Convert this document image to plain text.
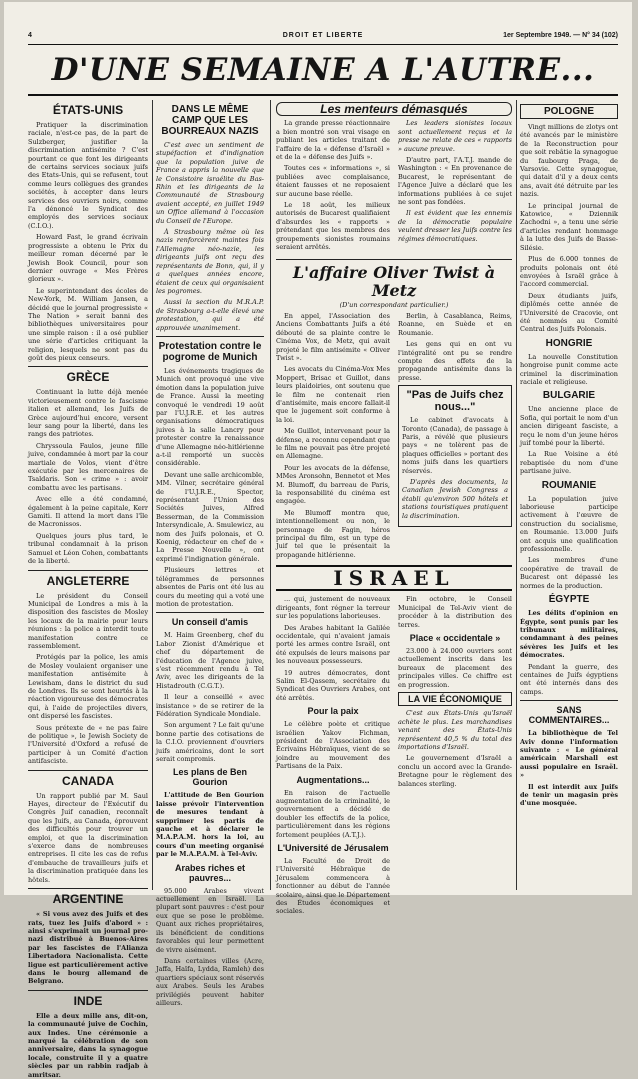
4	DROIT ET LIBERTE	1er Septembre 1949. — N° 34 (102)
D'UNE SEMAINE A L'AUTRE...
ÉTATS-UNIS

Pratiquer la discrimination raciale, n'est-ce pas, de la part de Sulzberger, justifier la discrimination antisémite ? C'est pourtant ce que font les dirigeants de certains services sociaux juifs des Etats-Unis, qui se refusent, tout comme leurs collègues des grandes sociétés, à accepter dans leurs services des ouvriers noirs, comme l'a dénoncé le Syndicat des employés des services sociaux (C.I.O.).

Howard Fast, le grand écrivain progressiste a obtenu le Prix du meilleur roman décerné par le Jewish Book Council, pour son dernier ouvrage « Mes Frères glorieux ».

Le superintendant des écoles de New-York, M. William Jansen, a décidé que le journal progressiste « The Nation » serait banni des bibliothèques universitaires pour une simple raison : il a osé publier une série d'articles critiquant la religion, lesquels ne sont pas du goût des pieux censeurs.

GRÈCE

Continuant la lutte déjà menée victorieusement contre le fascisme italien et allemand, les Juifs de Grèce aujourd'hui encore, versent leur sang pour la liberté, dans les rangs des patriotes.

Chryssoula Faulos, jeune fille juive, condamnée à mort par la cour martiale de Volos, vient d'être exécutée par les mercenaires de Tsaldaris. Son « crime » : avoir combattu avec les partisans.

Avec elle a été condamné, également à la peine capitale, Kerr Gamiti. Il attend la mort dans l'île de Macronissos.

Quelques jours plus tard, le tribunal condamnait à la prison Samuel et Léon Cohen, combattants de la liberté.

ANGLETERRE

Le président du Conseil Municipal de Londres a mis à la disposition des fascistes de Mosley les locaux de la mairie pour leurs réunions : la police a interdit toute manifestation contre ce rassemblement.

Protégés par la police, les amis de Mosley voulaient organiser une manifestation antisémite à Lewisham, dans le district du sud de Londres. Ils se sont heurtés à la réaction vigoureuse des démocrates qui, à l'aide de projectiles divers, ont dispersé les fascistes.

Sous prétexte de « ne pas faire de politique », le Jewish Society de l'Université d'Oxford a refusé de participer à un Comité d'action antifasciste.

CANADA

Un rapport publié par M. Saul Hayes, directeur de l'Exécutif du Congrès Juif canadien, reconnaît que les Juifs, au Canada, éprouvent des difficultés pour trouver un emploi, et que la discrimination s'exerce dans de nombreuses entreprises. Il cite les cas de refus d'embauche de travailleurs juifs et la discrimination pratiquée dans les hôtels.

ARGENTINE

« Si vous avez des Juifs et des rats, tuez les Juifs d'abord » : ainsi s'exprimait un journal pro-nazi distribué à Buenos-Aires par les fascistes de l'Alianza Libertadora Nacionalista. Cette ligue est particulièrement active dans le bourg allemand de Belgrano.

INDE

Elle a deux mille ans, dit-on, la communauté juive de Cochin, aux Indes. Une cérémonie a marqué la célébration de son anniversaire, dans la synagogue locale, construite il y a quatre siècles par un rabbin radjab à amritsar.

DANS LE MÊME CAMP QUE LES BOURREAUX NAZIS

C'est avec un sentiment de stupéfaction et d'indignation que la population juive de France a appris la nouvelle que le Consistoire israélite du Bas-Rhin et les dirigeants de la Communauté de Strasbourg avaient accepté, en juillet 1949 un Office allemand à l'occasion du Conseil de l'Europe.

À Strasbourg même où les nazis renforcèrent maintes fois l'Allemagne néo-nazie, les dirigeants juifs ont reçu des représentants de Bonn, qui, il y a quelques années encore, étaient de ceux qui organisaient les pogromes.

Aussi la section du M.R.A.P. de Strasbourg a-t-elle élevé une protestation, qui a été approuvée unanimement.

Protestation contre le pogrome de Munich

Les événements tragiques de Munich ont provoqué une vive émotion dans la population juive de France. Aussi la meeting convoqué le vendredi 19 août par l'U.J.R.E. et les autres organisations démocratiques juives à la salle Lancry pour protester contre la renaissance d'une Allemagne néo-hitlérienne a-t-il remporté un succès considérable.

Devant une salle archicomble, MM. Vilner, secrétaire général de l'U.J.R.E., Spector, représentant l'Union des Sociétés Juives, Alfred Besserman, de la Commission Intersyndicale, A. Smulewicz, au nom des Juifs polonais, et O. Koenig, rédacteur en chef de « La Presse Nouvelle », ont exprimé l'indignation générale.

Plusieurs lettres et télégrammes de personnes absentes de Paris ont été lus au cours du meeting qui a voté une motion de protestation.

Un conseil d'amis

M. Haim Greenberg, chef du Labor Zionist d'Amérique et chef du département de l'éducation de l'Agence juive, s'est récemment rendu à Tel Aviv, avec les dirigeants de la Histadrouth (C.G.T.).

Il leur a conseillé « avec insistance » de se retirer de la Fédération Syndicale Mondiale.

Son argument ? Le fait qu'une bonne partie des cotisations de la C.I.O. proviennent d'ouvriers juifs américains, dont le sort serait compromis.

Les plans de Ben Gourion

L'attitude de Ben Gourion laisse prévoir l'intervention de mesures tendant à supprimer les partis de gauche et à déclarer le M.A.P.A.M. hors la loi, au cours d'un meeting organisé par le M.A.P.A.M. à Tel-Aviv.

Arabes riches et pauvres...

95.000 Arabes vivent actuellement en Israël. La plupart sont pauvres : c'est pour eux que se pose le problème. Quant aux riches propriétaires, ils bénéficient de conditions favorables qui leur permettent de vivre aisément.

Dans certaines villes (Acre, Jaffa, Haïfa, Lydda, Ramleh) des quartiers spéciaux sont réservés aux Arabes. Seuls les Arabes privilégiés peuvent habiter ailleurs.

Les menteurs démasqués

La grande presse réactionnaire a bien montré son vrai visage en publiant les articles traitant de l'affaire de la « défense d'Israël » et de la « défense des Juifs ».

Toutes ces « informations », si publiées avec complaisance, étaient fausses et ne reposaient sur aucune base réelle.

Le 18 août, les milieux autorisés de Bucarest qualifiaient d'absurdes les « rapports » prétendant que les membres des groupements sionistes roumains seraient arrêtés.

Les leaders sionistes locaux sont actuellement reçus et la presse ne relate de ces « rapports » aucune preuve.

D'autre part, l'A.T.J. mande de Washington : « En provenance de Bucarest, le représentant de l'Agence Juive a déclaré que les informations publiées à ce sujet ne sont pas fondées.

Il est évident que les ennemis de la démocratie populaire veulent dresser les Juifs contre les régimes démocratiques.

L'affaire Oliver Twist à Metz
(D'un correspondant particulier.)

En appel, l'Association des Anciens Combattants Juifs a été débouté de sa plainte contre le Cinéma Vox, de Metz, qui avait projeté le film antisémite « Oliver Twist ».

Les avocats du Cinéma-Vox Mes Moppert, Brisac et Guillot, dans leurs plaidoiries, ont soutenu que le film ne contenait rien d'antisémite, mais encore fallait-il que le jugement soit conforme à la loi.

Me Guillot, intervenant pour la défense, a reconnu cependant que le film ne pouvait pas être projeté en Allemagne.

Pour les avocats de la défense, MMes Aronsohn, Bennetot et Mes M. Blumoff, du barreau de Paris, la responsabilité du cinéma est engagée.

Me Blumoff montra que, intentionnellement ou non, le personnage de Fagin, héros principal du film, est un type de Juif tel que le présentait la propagande hitlérienne.

Berlin, à Casablanca, Reims, Roanne, en Suède et en Roumanie.

Les gens qui en ont vu l'intégralité ont pu se rendre compte des effets de la propagande antisémite dans la presse.

"Pas de Juifs chez nous..."

Le cabinet d'avocats à Toronto (Canada), de passage à Paris, a révélé que plusieurs pays « ne tolèrent pas de plaques officielles » portant des noms juifs dans les quartiers réservés.

D'après des documents, la Canadian Jewish Congress a établi qu'environ 500 hôtels et stations touristiques pratiquent la discrimination.

ISRAEL

... qui, justement de nouveaux dirigeants, font régner la terreur sur les populations laborieuses.

Des Arabes habitant la Galilée occidentale, qui n'avaient jamais porté les armes contre Israël, ont été expulsés de leurs maisons par les nouveaux possesseurs.

19 autres démocrates, dont Salim El-Qassem, secrétaire du Syndicat des Ouvriers Arabes, ont été arrêtés.

Pour la paix

Le célèbre poète et critique israélien Yakov Fichman, président de l'Association des Écrivains Hébraïques, vient de se joindre au mouvement des Partisans de la Paix.

Augmentations...

En raison de l'actuelle augmentation de la criminalité, le gouvernement a décidé de doubler les effectifs de la police, particulièrement dans les régions fortement peuplées (A.T.J.).

L'Université de Jérusalem

La Faculté de Droit de l'Université Hébraïque de Jérusalem commencera à fonctionner au début de l'année scolaire, ainsi que le Département des Études économiques et sociales.

Fin octobre, le Conseil Municipal de Tel-Aviv vient de procéder à la distribution des terres.

Place « occidentale »

23.000 à 24.000 ouvriers sont actuellement inscrits dans les bureaux de placement des principales villes. Ce chiffre est en progression.

LA VIE ÉCONOMIQUE

C'est aux États-Unis qu'Israël achète le plus. Les marchandises venant des États-Unis représentent 40,5 % du total des importations d'Israël.

Le gouvernement d'Israël a conclu un accord avec la Grande-Bretagne pour le règlement des balances sterling.

POLOGNE

Vingt millions de zlotys ont été avancés par le ministère de la Reconstruction pour que soit rebâtie la synagogue du faubourg Praga, de Varsovie. Cette synagogue, qui datait d'il y a deux cents ans, avait été détruite par les nazis.

Le principal journal de Katowice, « Dziennik Zachodni », a tenu une série d'articles rendant hommage à la lutte des Juifs de Basse-Silésie.

Plus de 6.000 tonnes de produits polonais ont été envoyées à Israël grâce à l'accord commercial.

Deux étudiants juifs, diplômés cette année de l'Université de Cracovie, ont été nommés au Comité Central des Juifs Polonais.

HONGRIE

La nouvelle Constitution hongroise punit comme acte criminel la discrimination raciale et religieuse.

BULGARIE

Une ancienne place de Sofia, qui portait le nom d'un ancien dirigeant fasciste, a reçu le nom d'un jeune héros juif tombé pour la liberté.

La Rue Voisine a été rebaptisée du nom d'une partisane juive.

ROUMANIE

La population juive laborieuse participe activement à l'œuvre de construction du socialisme, en Roumanie. 13.000 Juifs ont acquis une qualification professionnelle.

Les membres d'une coopérative de travail de Bucarest ont dépassé les normes de la production.

ÉGYPTE

Les délits d'opinion en Égypte, sont punis par les tribunaux militaires, condamnant à des peines sévères les Juifs et les démocrates.

Pendant la guerre, des centaines de Juifs égyptiens ont été internés dans des camps.

SANS COMMENTAIRES...

La bibliothèque de Tel Aviv donne l'information suivante : « Le général américain Marshall est aussi populaire en Israël. »

Il est interdit aux Juifs de tenir un magasin près d'une mosquée.
